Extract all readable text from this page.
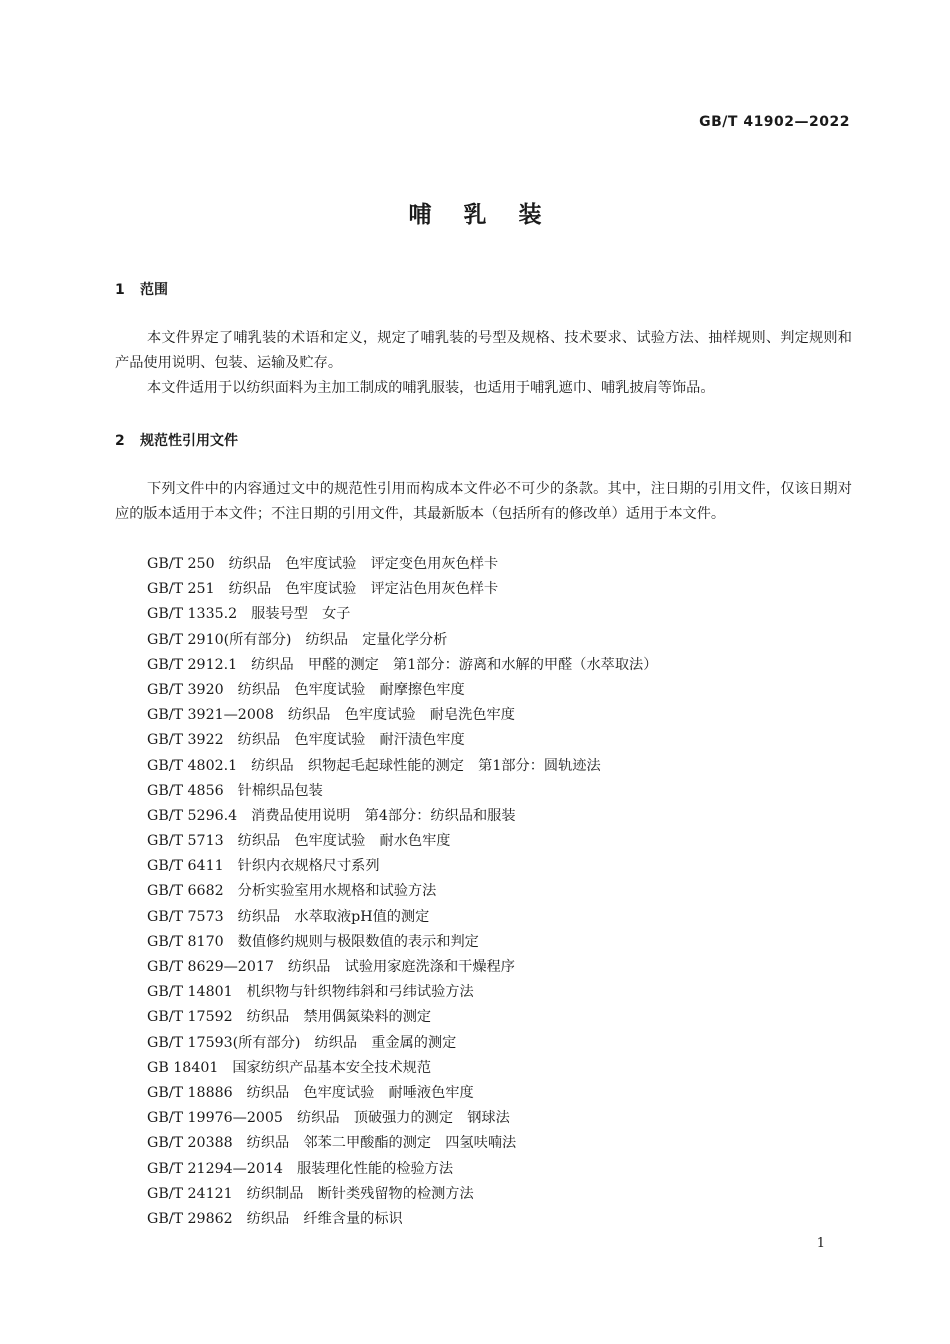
GB/T 41902—2022
哺乳装
1 范围

本文件界定了哺乳装的术语和定义，规定了哺乳装的号型及规格、技术要求、试验方法、抽样规则、判定规则和产品使用说明、包装、运输及贮存。

本文件适用于以纺织面料为主加工制成的哺乳服装，也适用于哺乳遮巾、哺乳披肩等饰品。

2 规范性引用文件

下列文件中的内容通过文中的规范性引用而构成本文件必不可少的条款。其中，注日期的引用文件，仅该日期对应的版本适用于本文件；不注日期的引用文件，其最新版本（包括所有的修改单）适用于本文件。

GB/T 250 纺织品　色牢度试验　评定变色用灰色样卡
GB/T 251 纺织品　色牢度试验　评定沾色用灰色样卡
GB/T 1335.2 服装号型　女子
GB/T 2910(所有部分) 纺织品　定量化学分析
GB/T 2912.1 纺织品　甲醛的测定　第1部分：游离和水解的甲醛（水萃取法）
GB/T 3920 纺织品　色牢度试验　耐摩擦色牢度
GB/T 3921—2008 纺织品　色牢度试验　耐皂洗色牢度
GB/T 3922 纺织品　色牢度试验　耐汗渍色牢度
GB/T 4802.1 纺织品　织物起毛起球性能的测定　第1部分：圆轨迹法
GB/T 4856 针棉织品包装
GB/T 5296.4 消费品使用说明　第4部分：纺织品和服装
GB/T 5713 纺织品　色牢度试验　耐水色牢度
GB/T 6411 针织内衣规格尺寸系列
GB/T 6682 分析实验室用水规格和试验方法
GB/T 7573 纺织品　水萃取液pH值的测定
GB/T 8170 数值修约规则与极限数值的表示和判定
GB/T 8629—2017 纺织品　试验用家庭洗涤和干燥程序
GB/T 14801 机织物与针织物纬斜和弓纬试验方法
GB/T 17592 纺织品　禁用偶氮染料的测定
GB/T 17593(所有部分) 纺织品　重金属的测定
GB 18401 国家纺织产品基本安全技术规范
GB/T 18886 纺织品　色牢度试验　耐唾液色牢度
GB/T 19976—2005 纺织品　顶破强力的测定　钢球法
GB/T 20388 纺织品　邻苯二甲酸酯的测定　四氢呋喃法
GB/T 21294—2014 服装理化性能的检验方法
GB/T 24121 纺织制品　断针类残留物的检测方法
GB/T 29862 纺织品　纤维含量的标识
1
